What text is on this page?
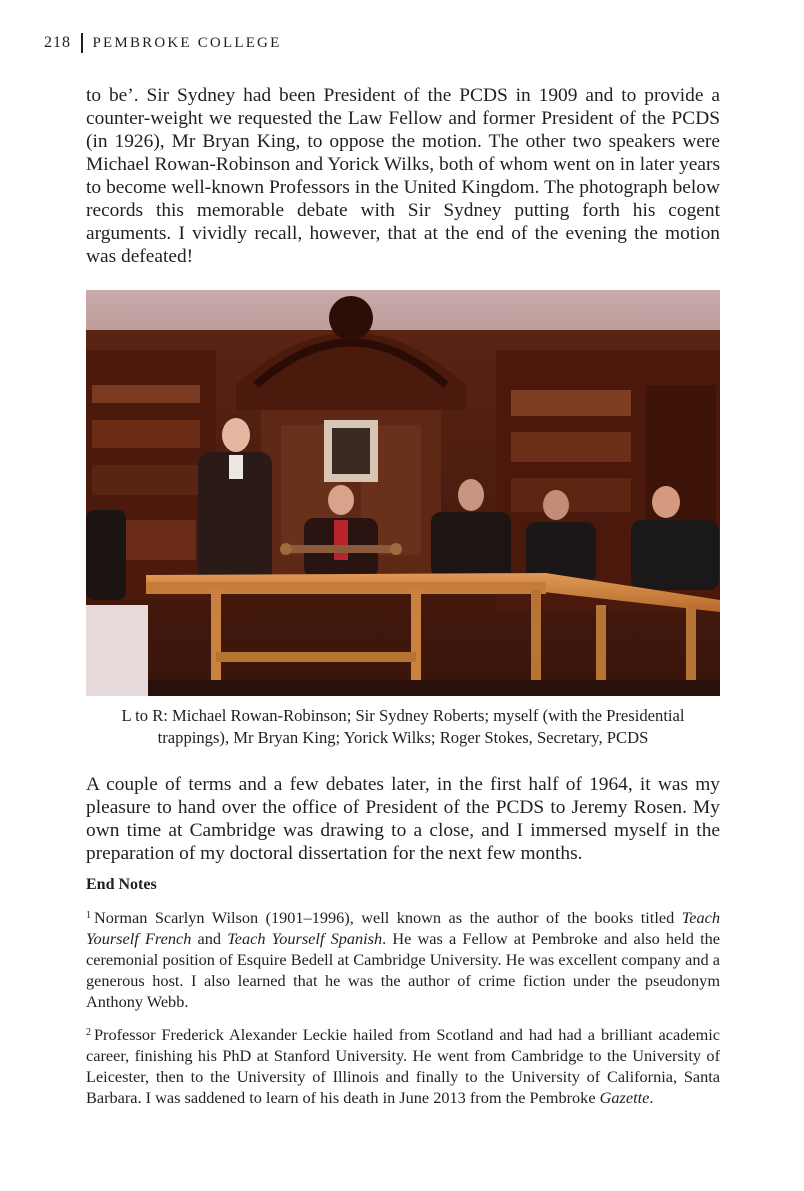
218 PEMBROKE COLLEGE

to be’. Sir Sydney had been President of the PCDS in 1909 and to provide a counter-weight we requested the Law Fellow and former President of the PCDS (in 1926), Mr Bryan King, to oppose the motion. The other two speakers were Michael Rowan-Robinson and Yorick Wilks, both of whom went on in later years to become well-known Professors in the United Kingdom. The photograph below records this memorable debate with Sir Sydney putting forth his cogent arguments. I vividly recall, however, that at the end of the evening the motion was defeated!

L to R: Michael Rowan-Robinson; Sir Sydney Roberts; myself (with the Presidential trappings), Mr Bryan King; Yorick Wilks; Roger Stokes, Secretary, PCDS

A couple of terms and a few debates later, in the first half of 1964, it was my pleasure to hand over the office of President of the PCDS to Jeremy Rosen. My own time at Cambridge was drawing to a close, and I immersed myself in the preparation of my doctoral dissertation for the next few months.

End Notes

$^1$ Norman Scarlyn Wilson (1901–1996), well known as the author of the books titled Teach Yourself French and Teach Yourself Spanish. He was a Fellow at Pembroke and also held the ceremonial position of Esquire Bedell at Cambridge University. He was excellent company and a generous host. I also learned that he was the author of crime fiction under the pseudonym Anthony Webb.

$^2$ Professor Frederick Alexander Leckie hailed from Scotland and had had a brilliant academic career, finishing his PhD at Stanford University. He went from Cambridge to the University of Leicester, then to the University of Illinois and finally to the University of California, Santa Barbara. I was saddened to learn of his death in June 2013 from the Pembroke Gazette.
